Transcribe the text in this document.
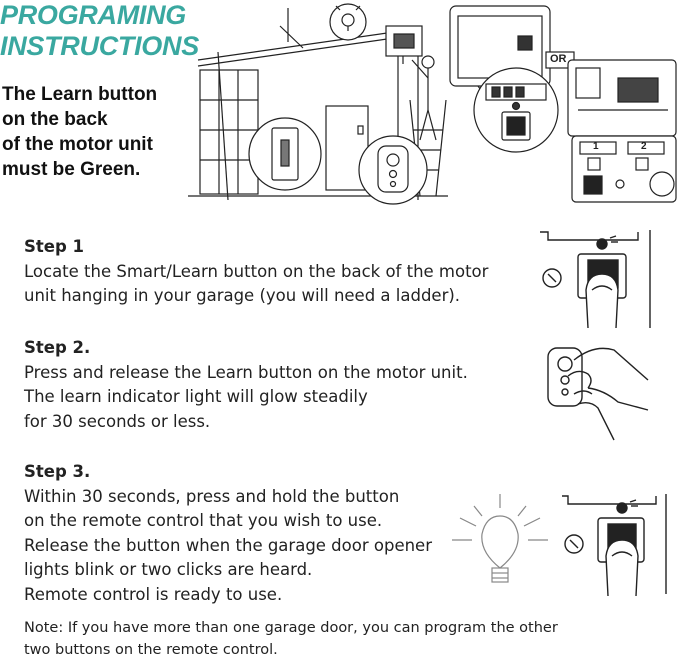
PROGRAMING
INSTRUCTIONS
The Learn button
on the back
of the motor unit
must be Green.
OR
1	2
Step 1
Locate the Smart/Learn button on the back of the motor
unit hanging in your garage (you will need a ladder).
Step 2.
Press and release the Learn button on the motor unit.
The learn indicator light will glow steadily
for 30 seconds or less.
Step 3.
Within 30 seconds, press and hold the button
on the remote control that you wish to use.
Release the button when the garage door opener
lights blink or two clicks are heard.
Remote control is ready to use.
Note: If you have more than one garage door, you can program the other
two buttons on the remote control.
